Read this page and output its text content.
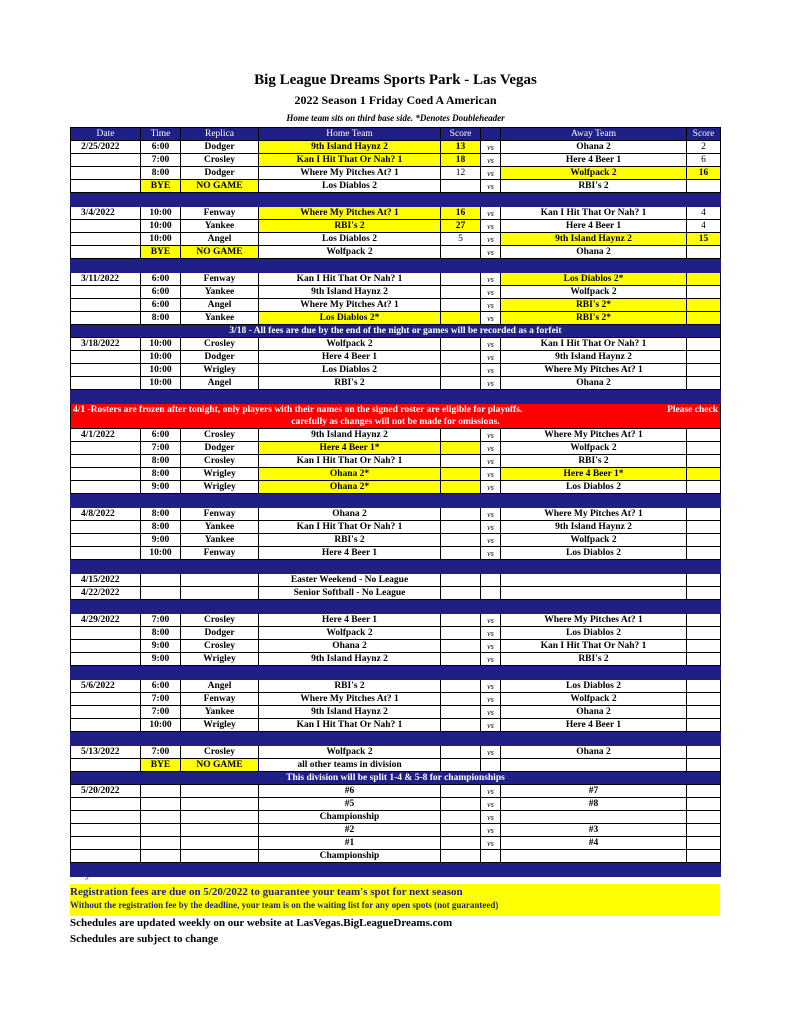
Big League Dreams Sports Park - Las Vegas
2022 Season 1 Friday Coed A American
Home team sits on third base side. *Denotes Doubleheader
Date	Time	Replica	Home Team	Score		Away Team	Score
2/25/2022	6:00	Dodger	9th Island Haynz 2	13	vs	Ohana 2	2
	7:00	Crosley	Kan I Hit That Or Nah? 1	18	vs	Here 4 Beer 1	6
	8:00	Dodger	Where My Pitches At? 1	12	vs	Wolfpack 2	16
	BYE	NO GAME	Los Diablos 2		vs	RBI's 2	

3/4/2022	10:00	Fenway	Where My Pitches At? 1	16	vs	Kan I Hit That Or Nah? 1	4
	10:00	Yankee	RBI's 2	27	vs	Here 4 Beer 1	4
	10:00	Angel	Los Diablos 2	5	vs	9th Island Haynz 2	15
	BYE	NO GAME	Wolfpack 2		vs	Ohana 2	

3/11/2022	6:00	Fenway	Kan I Hit That Or Nah? 1		vs	Los Diablos 2*	
	6:00	Yankee	9th Island Haynz 2		vs	Wolfpack 2	
	6:00	Angel	Where My Pitches At? 1		vs	RBI's 2*	
	8:00	Yankee	Los Diablos 2*		vs	RBI's 2*	
3/18 - All fees are due by the end of the night or games will be recorded as a forfeit							
3/18/2022	10:00	Crosley	Wolfpack 2		vs	Kan I Hit That Or Nah? 1	
	10:00	Dodger	Here 4 Beer 1		vs	9th Island Haynz 2	
	10:00	Wrigley	Los Diablos 2		vs	Where My Pitches At? 1	
	10:00	Angel	RBI's 2		vs	Ohana 2	

4/1 -Rosters are frozen after tonight, only players with their names on the signed roster are eligible for playoffs. Please check
carefully as changes will not be made for omissions.							

4/1/2022	6:00	Crosley	9th Island Haynz 2		vs	Where My Pitches At? 1	
	7:00	Dodger	Here 4 Beer 1*		vs	Wolfpack 2	
	8:00	Crosley	Kan I Hit That Or Nah? 1		vs	RBI's 2	
	8:00	Wrigley	Ohana 2*		vs	Here 4 Beer 1*	
	9:00	Wrigley	Ohana 2*		vs	Los Diablos 2	

4/8/2022	8:00	Fenway	Ohana 2		vs	Where My Pitches At? 1	
	8:00	Yankee	Kan I Hit That Or Nah? 1		vs	9th Island Haynz 2	
	9:00	Yankee	RBI's 2		vs	Wolfpack 2	
	10:00	Fenway	Here 4 Beer 1		vs	Los Diablos 2	

4/15/2022			Easter Weekend - No League				
4/22/2022			Senior Softball - No League				

4/29/2022	7:00	Crosley	Here 4 Beer 1		vs	Where My Pitches At? 1	
	8:00	Dodger	Wolfpack 2		vs	Los Diablos 2	
	9:00	Crosley	Ohana 2		vs	Kan I Hit That Or Nah? 1	
	9:00	Wrigley	9th Island Haynz 2		vs	RBI's 2	

5/6/2022	6:00	Angel	RBI's 2		vs	Los Diablos 2	
	7:00	Fenway	Where My Pitches At? 1		vs	Wolfpack 2	
	7:00	Yankee	9th Island Haynz 2		vs	Ohana 2	
	10:00	Wrigley	Kan I Hit That Or Nah? 1		vs	Here 4 Beer 1	

5/13/2022	7:00	Crosley	Wolfpack 2		vs	Ohana 2	
	BYE	NO GAME	all other teams in division				
This division will be split 1-4 & 5-8 for championships							
5/20/2022			#6		vs	#7	
			#5		vs	#8	
			Championship		vs		
			#2		vs	#3	
			#1		vs	#4	
			Championship				

Playoffs for this division will be on 5/20/2022.
Registration fees are due on 5/20/2022 to guarantee your team's spot for next season
Without the registration fee by the deadline, your team is on the waiting list for any open spots (not guaranteed)
Schedules are updated weekly on our website at LasVegas.BigLeagueDreams.com
Schedules are subject to change
